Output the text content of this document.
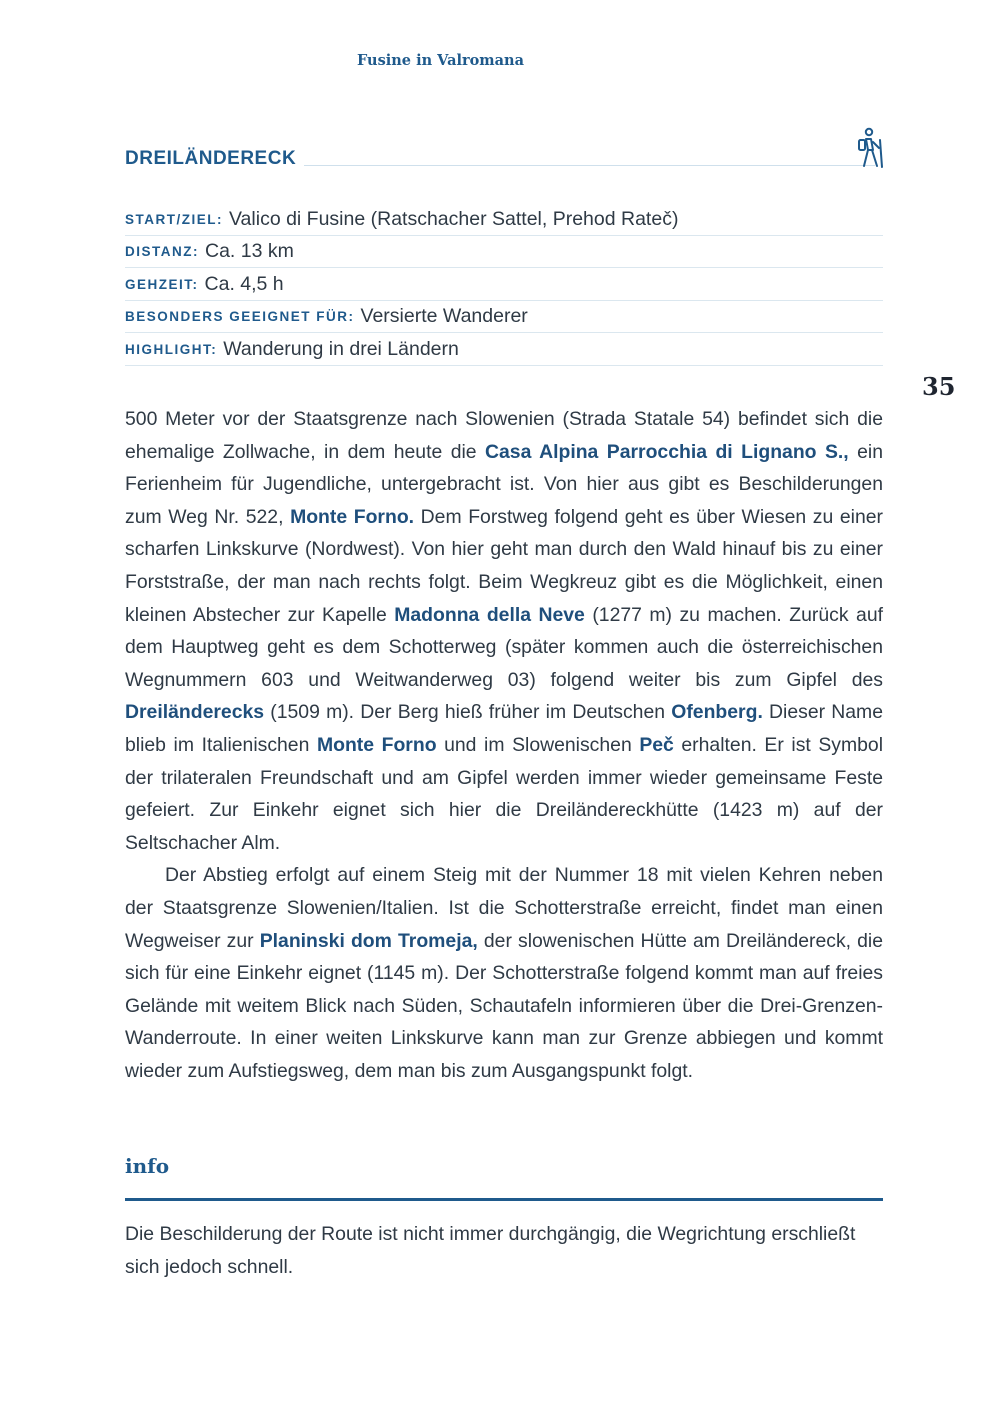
Fusine in Valromana
35
DREILÄNDERECK
START/ZIEL: Valico di Fusine (Ratschacher Sattel, Prehod Rateč)
DISTANZ: Ca. 13 km
GEHZEIT: Ca. 4,5 h
BESONDERS GEEIGNET FÜR: Versierte Wanderer
HIGHLIGHT: Wanderung in drei Ländern

500 Meter vor der Staatsgrenze nach Slowenien (Strada Statale 54) befindet sich die ehemalige Zollwache, in dem heute die Casa Alpina Parrocchia di Lignano S., ein Ferienheim für Jugendliche, untergebracht ist. Von hier aus gibt es Beschilderungen zum Weg Nr. 522, Monte Forno. Dem Forstweg folgend geht es über Wiesen zu einer scharfen Linkskurve (Nordwest). Von hier geht man durch den Wald hinauf bis zu einer Forststraße, der man nach rechts folgt. Beim Wegkreuz gibt es die Möglichkeit, einen kleinen Abstecher zur Kapelle Madonna della Neve (1277 m) zu machen. Zurück auf dem Hauptweg geht es dem Schotterweg (später kommen auch die österreichischen Wegnummern 603 und Weitwanderweg 03) folgend weiter bis zum Gipfel des Dreiländerecks (1509 m). Der Berg hieß früher im Deutschen Ofenberg. Dieser Name blieb im Italienischen Monte Forno und im Slowenischen Peč erhalten. Er ist Symbol der trilateralen Freundschaft und am Gipfel werden immer wieder gemeinsame Feste gefeiert. Zur Einkehr eignet sich hier die Dreiländereckhütte (1423 m) auf der Seltschacher Alm.

Der Abstieg erfolgt auf einem Steig mit der Nummer 18 mit vielen Kehren neben der Staatsgrenze Slowenien/Italien. Ist die Schotterstraße erreicht, findet man einen Wegweiser zur Planinski dom Tromeja, der slowenischen Hütte am Dreiländereck, die sich für eine Einkehr eignet (1145 m). Der Schotterstraße folgend kommt man auf freies Gelände mit weitem Blick nach Süden, Schautafeln informieren über die Drei-Grenzen-Wanderroute. In einer weiten Linkskurve kann man zur Grenze abbiegen und kommt wieder zum Aufstiegsweg, dem man bis zum Ausgangspunkt folgt.

info
Die Beschilderung der Route ist nicht immer durchgängig, die Wegrichtung erschließt sich jedoch schnell.
